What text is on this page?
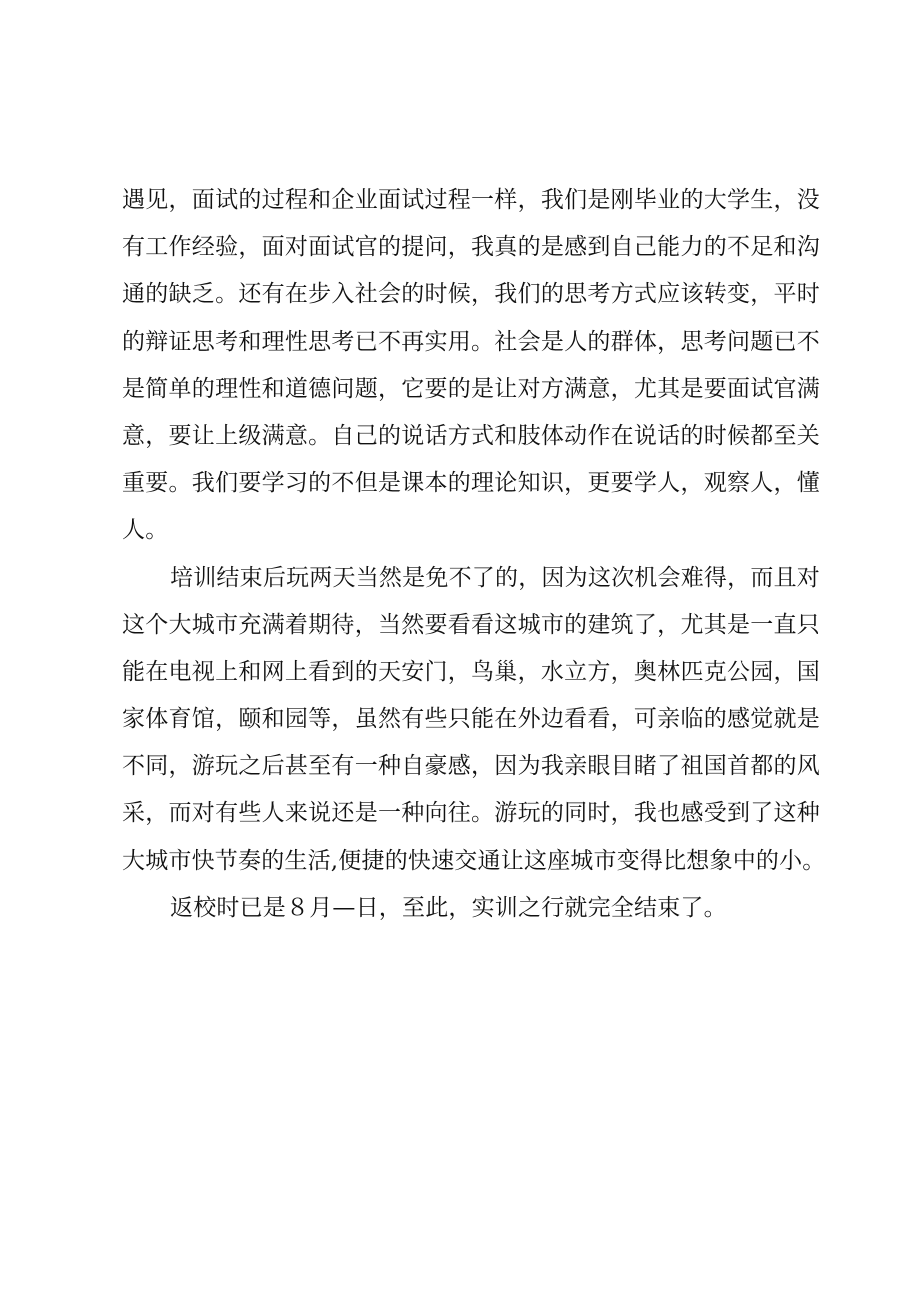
遇见，面试的过程和企业面试过程一样，我们是刚毕业的大学生，没

有工作经验，面对面试官的提问，我真的是感到自己能力的不足和沟

通的缺乏。还有在步入社会的时候，我们的思考方式应该转变，平时

的辩证思考和理性思考已不再实用。社会是人的群体，思考问题已不

是简单的理性和道德问题，它要的是让对方满意，尤其是要面试官满

意，要让上级满意。自己的说话方式和肢体动作在说话的时候都至关

重要。我们要学习的不但是课本的理论知识，更要学人，观察人，懂

人。

培训结束后玩两天当然是免不了的，因为这次机会难得，而且对

这个大城市充满着期待，当然要看看这城市的建筑了，尤其是一直只

能在电视上和网上看到的天安门，鸟巢，水立方，奥林匹克公园，国

家体育馆，颐和园等，虽然有些只能在外边看看，可亲临的感觉就是

不同，游玩之后甚至有一种自豪感，因为我亲眼目睹了祖国首都的风

采，而对有些人来说还是一种向往。游玩的同时，我也感受到了这种

大城市快节奏的生活,便捷的快速交通让这座城市变得比想象中的小。

返校时已是８月—日，至此，实训之行就完全结束了。
